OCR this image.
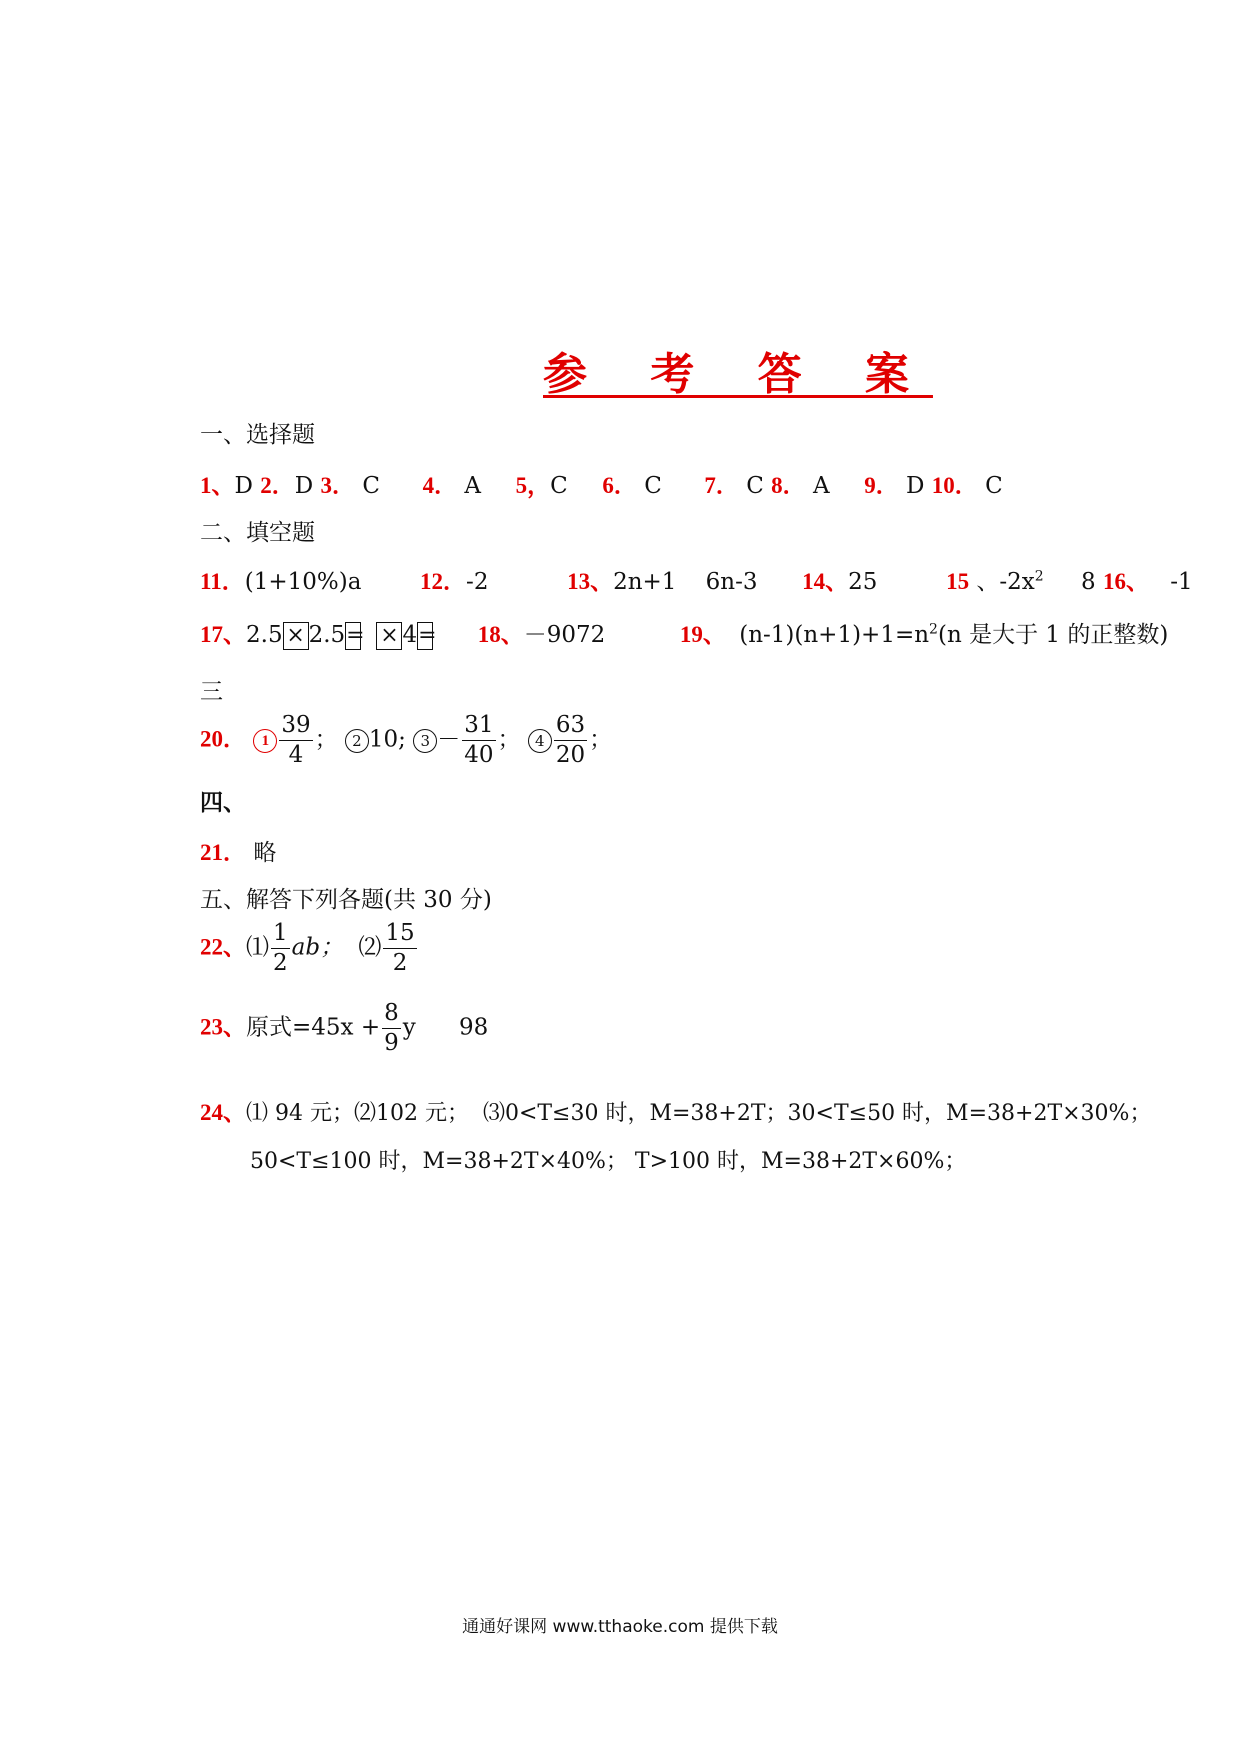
参 考 答 案
一、选择题
1、D 2．D 3． C 4． A 5，C 6． C 7． C 8． A 9． D 10． C
二、填空题
11．(1+10%)a	12．-2	13、2n+1    6n-3 14、25	15 、$-2x^2$ 8 16、 -1
17、2.5 × 2.5= × 4= 18、－9072	19、 $(n-1)(n+1)+1=n^2(n$ 是大于 1 的正整数)
三
20． $1 \frac{39}{4}$ ； 2 10; $3 - \frac{31}{40}$ ； $4 \frac{63}{20}$ ；
四、
21． 略
五、解答下列各题(共 30 分)
22、⑴ $\frac{1}{2}$ ab； ⑵ $\frac{15}{2}$
23、原式$=45x + \frac{8}{9}$ y 98
24、⑴ 94 元；⑵102 元；  ⑶0<T≤30 时，M=38+2T；30<T≤50 时，M=38+2T×30%；
50<T≤100 时，M=38+2T×40%； T>100 时，M=38+2T×60%；
通通好课网 www.tthaoke.com 提供下载
